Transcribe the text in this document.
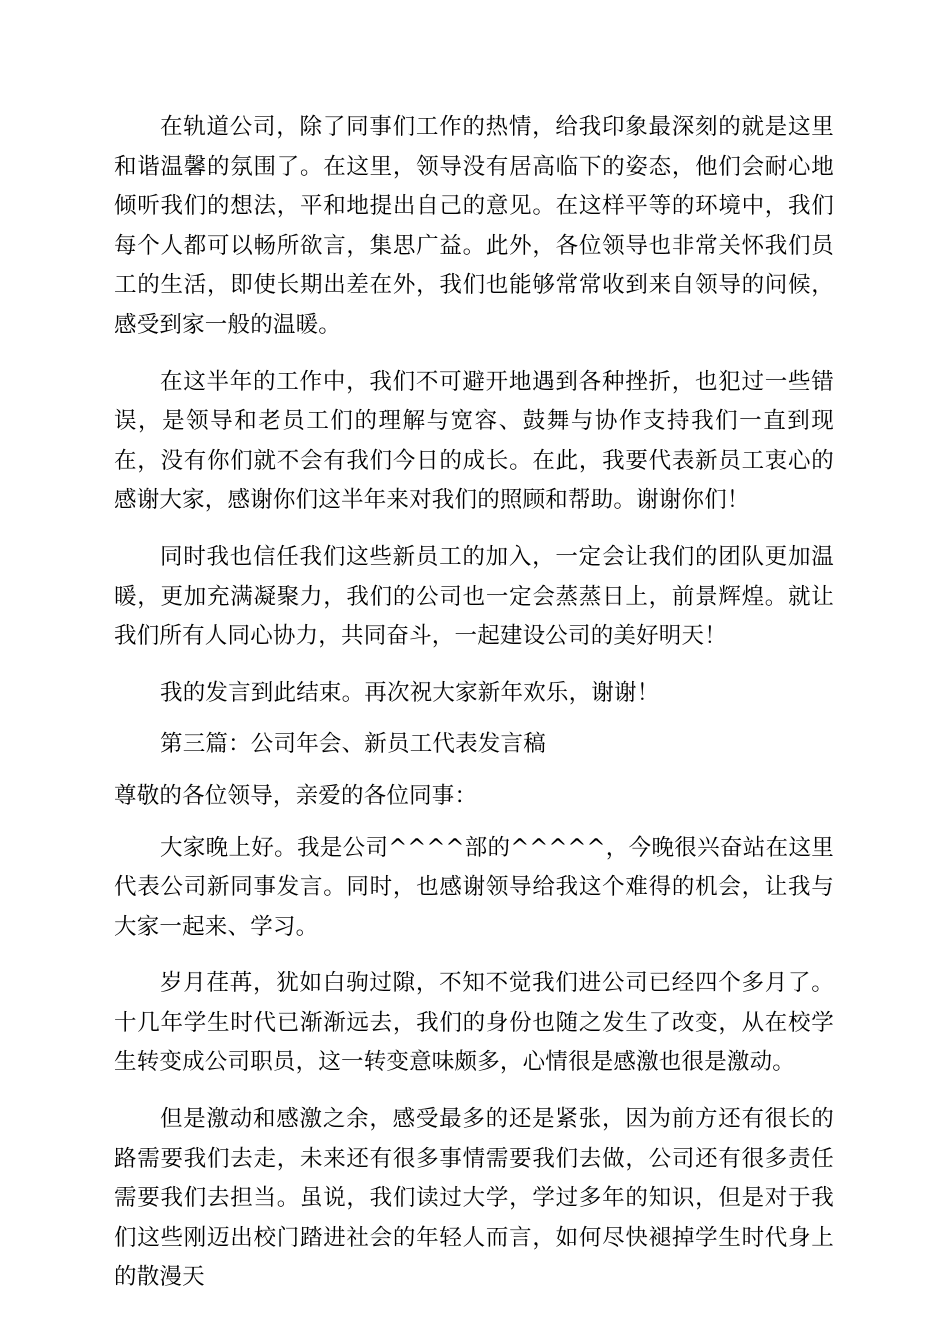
在轨道公司，除了同事们工作的热情，给我印象最深刻的就是这里和谐温馨的氛围了。在这里，领导没有居高临下的姿态，他们会耐心地倾听我们的想法，平和地提出自己的意见。在这样平等的环境中，我们每个人都可以畅所欲言，集思广益。此外，各位领导也非常关怀我们员工的生活，即使长期出差在外，我们也能够常常收到来自领导的问候，感受到家一般的温暖。

在这半年的工作中，我们不可避开地遇到各种挫折，也犯过一些错误，是领导和老员工们的理解与宽容、鼓舞与协作支持我们一直到现在，没有你们就不会有我们今日的成长。在此，我要代表新员工衷心的感谢大家，感谢你们这半年来对我们的照顾和帮助。谢谢你们！

同时我也信任我们这些新员工的加入，一定会让我们的团队更加温暖，更加充满凝聚力，我们的公司也一定会蒸蒸日上，前景辉煌。就让我们所有人同心协力，共同奋斗，一起建设公司的美好明天！

我的发言到此结束。再次祝大家新年欢乐，谢谢！

第三篇：公司年会、新员工代表发言稿

尊敬的各位领导，亲爱的各位同事：

大家晚上好。我是公司^^^^部的^^^^^，今晚很兴奋站在这里代表公司新同事发言。同时，也感谢领导给我这个难得的机会，让我与大家一起来、学习。

岁月荏苒，犹如白驹过隙，不知不觉我们进公司已经四个多月了。十几年学生时代已渐渐远去，我们的身份也随之发生了改变，从在校学生转变成公司职员，这一转变意味颇多，心情很是感激也很是激动。

但是激动和感激之余，感受最多的还是紧张，因为前方还有很长的路需要我们去走，未来还有很多事情需要我们去做，公司还有很多责任需要我们去担当。虽说，我们读过大学，学过多年的知识，但是对于我们这些刚迈出校门踏进社会的年轻人而言，如何尽快褪掉学生时代身上的散漫天
